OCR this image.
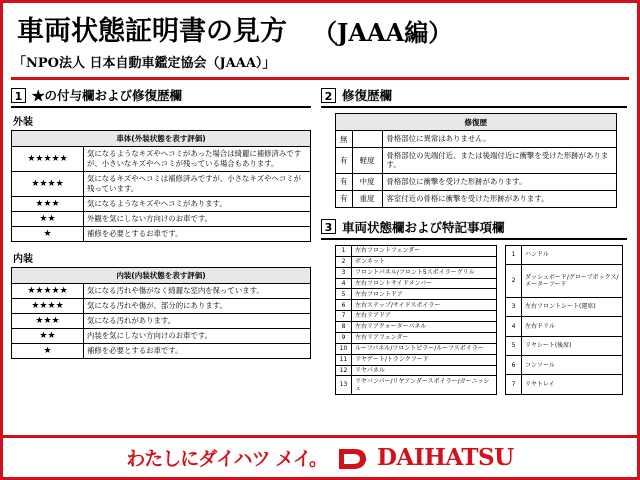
車両状態証明書の見方 （JAAA編）
「NPO法人 日本自動車鑑定協会（JAAA）」
1 ★の付与欄および修復歴欄
外装
車体(外装状態を表す評価)	
★★★★★	気になるようなキズやヘコミがあった場合は綺麗に補修済みですが、小さいなキズやヘコミが残っている場合もあります。
★★★★	気になるキズやヘコミは補修済みですが、小さなキズやヘコミが残っています。
★★★	気になるようなキズやヘコミがあります。
★★	外観を気にしない方向けのお車です。
★	補修を必要とするお車です。
内装
内装(内装状態を表す評価)	
★★★★★	気になる汚れや傷がなく綺麗な室内を保っています。
★★★★	気になる汚れや傷が、部分的にあります。
★★★	気になる汚れがあります。
★★	内装を気にしない方向けのお車です。
★	補修を必要とするお車です。
2 修復歴欄
修復歴		
無		骨格部位に異常はありません。
有	軽度	骨格部位の先端付近、または後端付近に衝撃を受けた形跡があります。
有	中度	骨格部位に衝撃を受けた形跡があります。
有	重度	客室付近の骨格に衝撃を受けた形跡があります。
3 車両状態欄および特記事項欄
1	左右フロントフェンダー
2	ボンネット
3	フロントパネル/フロント5スポイラーグリル
4	左右フロントサイドメンバー
5	左右フロントドア
6	左右ステップ/サイドスポイラー
7	左右リアドア
8	左右リアクォーターパネル
9	左右リアフェンダー
10	ルーフパネル/フロントピラー/ルーフスポイラー
11	リヤゲート/トランクフード
12	リヤパネル
13	リヤバンパー/リヤアンダースポイラー/ガーニッシュ
1	ハンドル
2	ダッシュボード/グローブボックス/メーターフード
3	左右フロントシート(運席)
4	左右ドリル
5	リヤシート(後席)
6	コンソール
7	リヤトレイ
わたしにダイハツ メイ。 DAIHATSU
